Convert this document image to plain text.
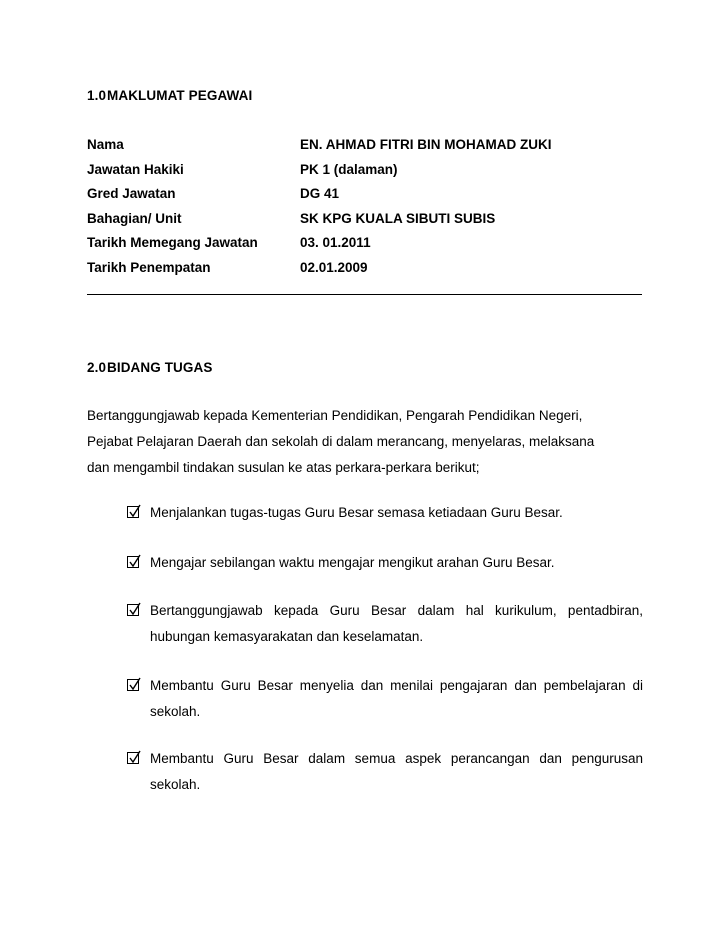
1.0MAKLUMAT PEGAWAI
Nama	EN. AHMAD FITRI BIN MOHAMAD ZUKI
Jawatan Hakiki	PK 1 (dalaman)
Gred Jawatan	DG 41
Bahagian/ Unit	SK KPG KUALA SIBUTI SUBIS
Tarikh Memegang Jawatan	03. 01.2011
Tarikh Penempatan	02.01.2009
2.0BIDANG TUGAS
Bertanggungjawab kepada Kementerian Pendidikan, Pengarah Pendidikan Negeri,
Pejabat Pelajaran Daerah dan sekolah di dalam merancang, menyelaras, melaksana
dan mengambil tindakan susulan ke atas perkara-perkara berikut;
Menjalankan tugas-tugas Guru Besar semasa ketiadaan Guru Besar.
Mengajar sebilangan waktu mengajar mengikut arahan Guru Besar.
Bertanggungjawab kepada Guru Besar dalam hal kurikulum, pentadbiran,
hubungan kemasyarakatan dan keselamatan.
Membantu Guru Besar menyelia dan menilai pengajaran dan pembelajaran di
sekolah.
Membantu Guru Besar dalam semua aspek perancangan dan pengurusan
sekolah.
